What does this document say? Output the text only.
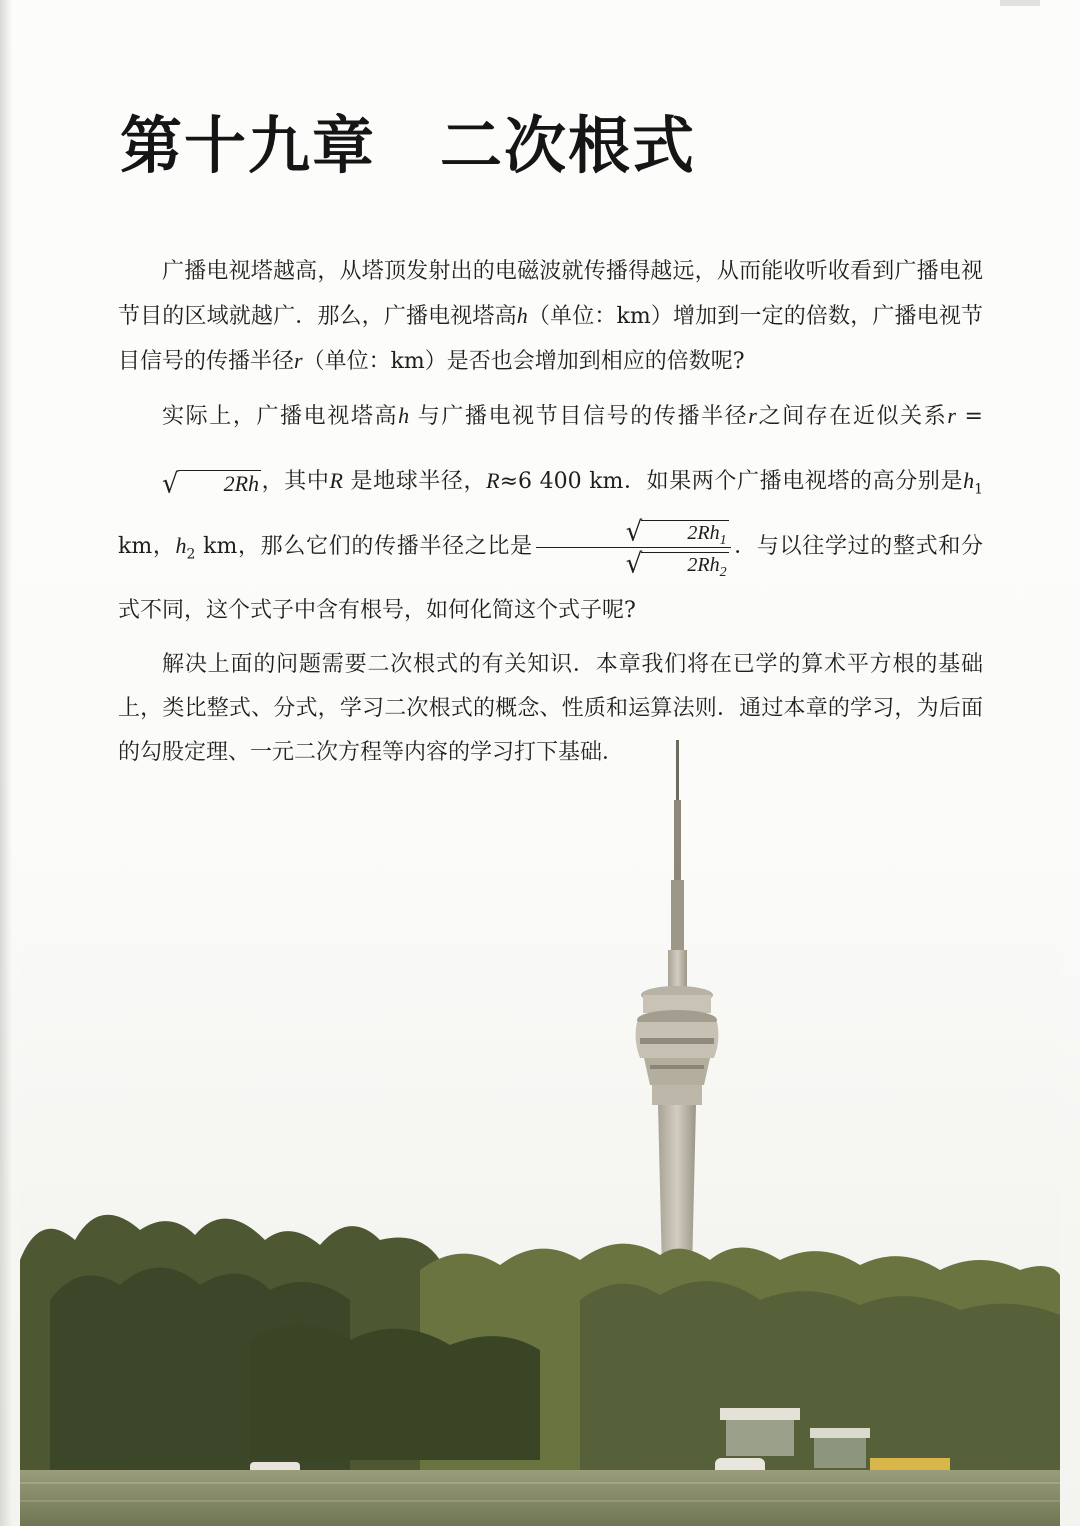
第十九章　 二次根式

广播电视塔越高，从塔顶发射出的电磁波就传播得越远，从而能收听收看到广播电视节目的区域就越广．那么，广播电视塔高h（单位：km）增加到一定的倍数，广播电视节目信号的传播半径r（单位：km）是否也会增加到相应的倍数呢?

实际上，广播电视塔高h 与广播电视节目信号的传播半径r之间存在近似关系r =
√	2Rh ，其中R 是地球半径，R≈6 400 km．如果两个广播电视塔的高分别是$h_1$ km，$h_2$ km，那么它们的传播半径之比是 √	$2Rh_1$
√	$2Rh_2$ ．与以往学过的整式和分式不同，这个式子中含有根号，如何化简这个式子呢?

解决上面的问题需要二次根式的有关知识．本章我们将在已学的算术平方根的基础上，类比整式、分式，学习二次根式的概念、性质和运算法则．通过本章的学习，为后面
